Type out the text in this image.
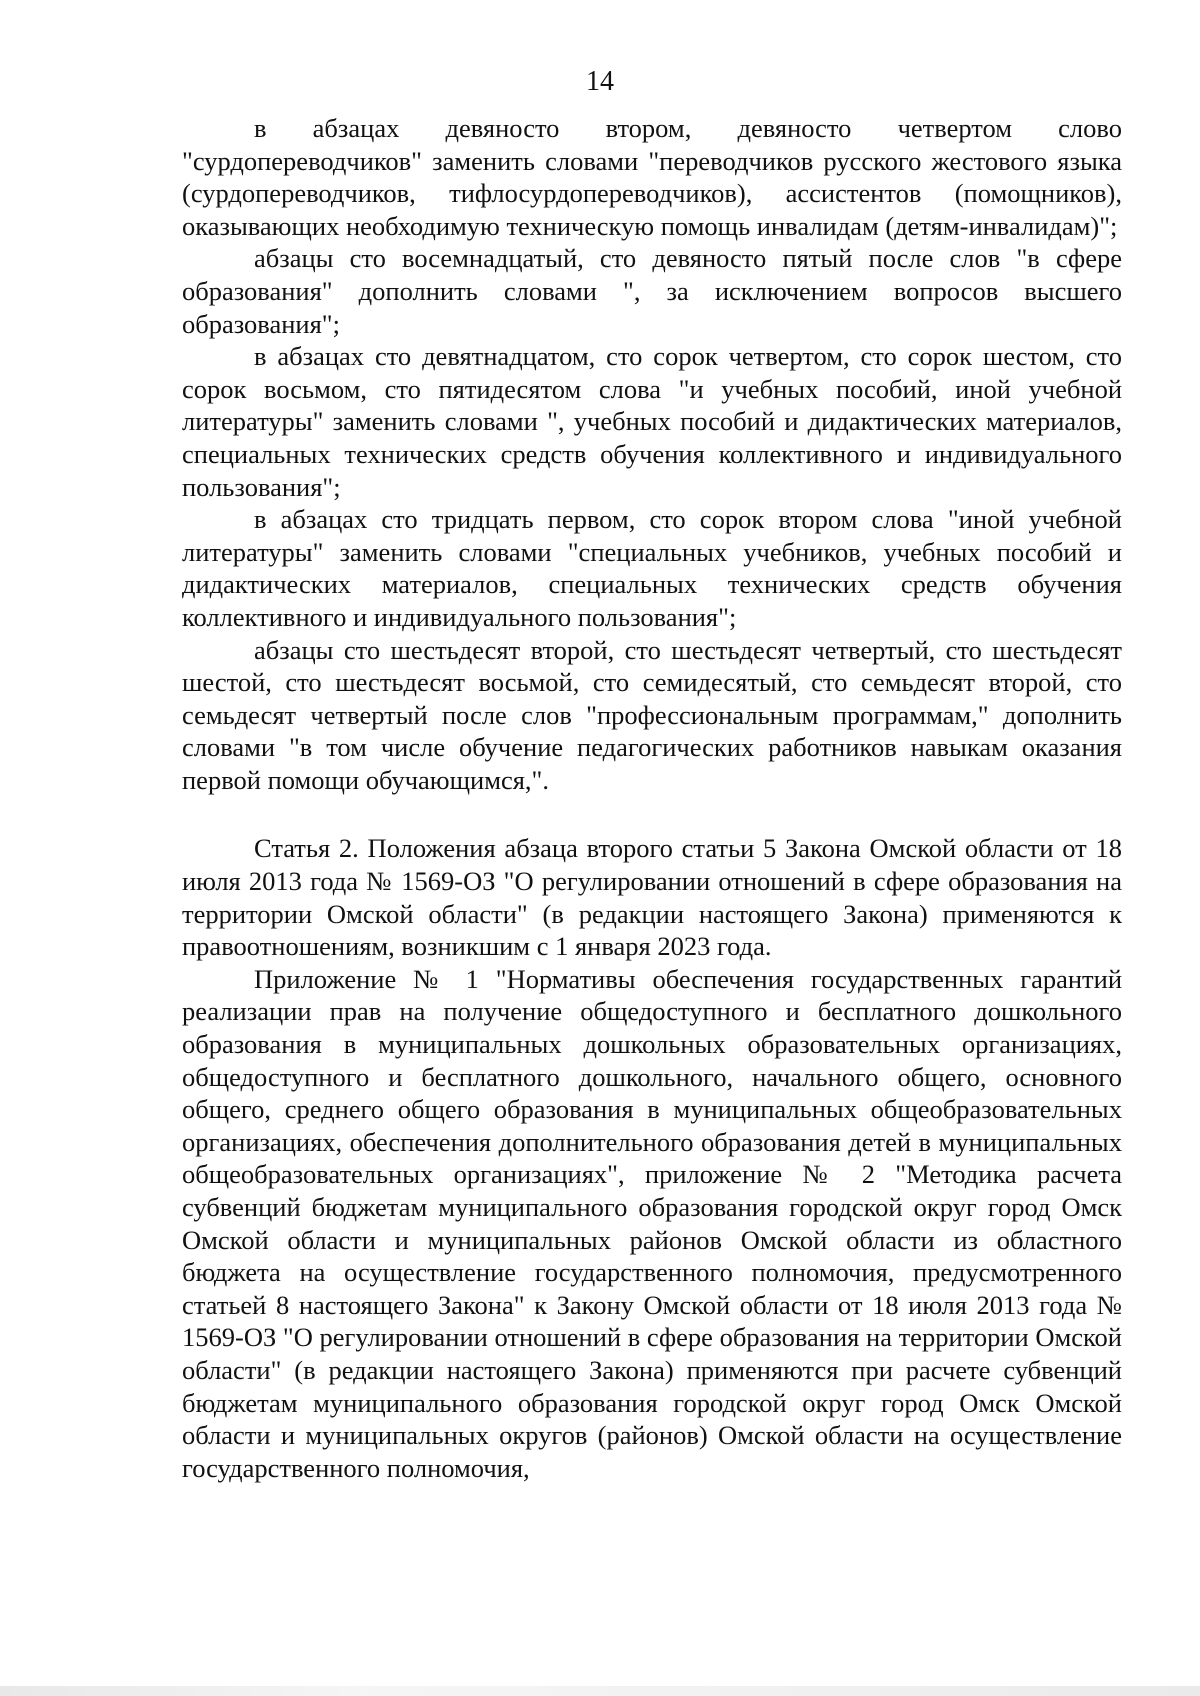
14

в абзацах девяносто втором, девяносто четвертом слово "сурдопереводчиков" заменить словами "переводчиков русского жестового языка (сурдопереводчиков, тифлосурдопереводчиков), ассистентов (помощников), оказывающих необходимую техническую помощь инвалидам (детям-инвалидам)";

абзацы сто восемнадцатый, сто девяносто пятый после слов "в сфере образования" дополнить словами ", за исключением вопросов высшего образования";

в абзацах сто девятнадцатом, сто сорок четвертом, сто сорок шестом, сто сорок восьмом, сто пятидесятом слова "и учебных пособий, иной учебной литературы" заменить словами ", учебных пособий и дидактических материалов, специальных технических средств обучения коллективного и индивидуального пользования";

в абзацах сто тридцать первом, сто сорок втором слова "иной учебной литературы" заменить словами "специальных учебников, учебных пособий и дидактических материалов, специальных технических средств обучения коллективного и индивидуального пользования";

абзацы сто шестьдесят второй, сто шестьдесят четвертый, сто шестьдесят шестой, сто шестьдесят восьмой, сто семидесятый, сто семьдесят второй, сто семьдесят четвертый после слов "профессиональным программам," дополнить словами "в том числе обучение педагогических работников навыкам оказания первой помощи обучающимся,".

Статья 2. Положения абзаца второго статьи 5 Закона Омской области от 18 июля 2013 года № 1569-ОЗ "О регулировании отношений в сфере образования на территории Омской области" (в редакции настоящего Закона) применяются к правоотношениям, возникшим с 1 января 2023 года.

Приложение № 1 "Нормативы обеспечения государственных гарантий реализации прав на получение общедоступного и бесплатного дошкольного образования в муниципальных дошкольных образовательных организациях, общедоступного и бесплатного дошкольного, начального общего, основного общего, среднего общего образования в муниципальных общеобразовательных организациях, обеспечения дополнительного образования детей в муниципальных общеобразовательных организациях", приложение № 2 "Методика расчета субвенций бюджетам муниципального образования городской округ город Омск Омской области и муниципальных районов Омской области из областного бюджета на осуществление государственного полномочия, предусмотренного статьей 8 настоящего Закона" к Закону Омской области от 18 июля 2013 года № 1569-ОЗ "О регулировании отношений в сфере образования на территории Омской области" (в редакции настоящего Закона) применяются при расчете субвенций бюджетам муниципального образования городской округ город Омск Омской области и муниципальных округов (районов) Омской области на осуществление государственного полномочия,
